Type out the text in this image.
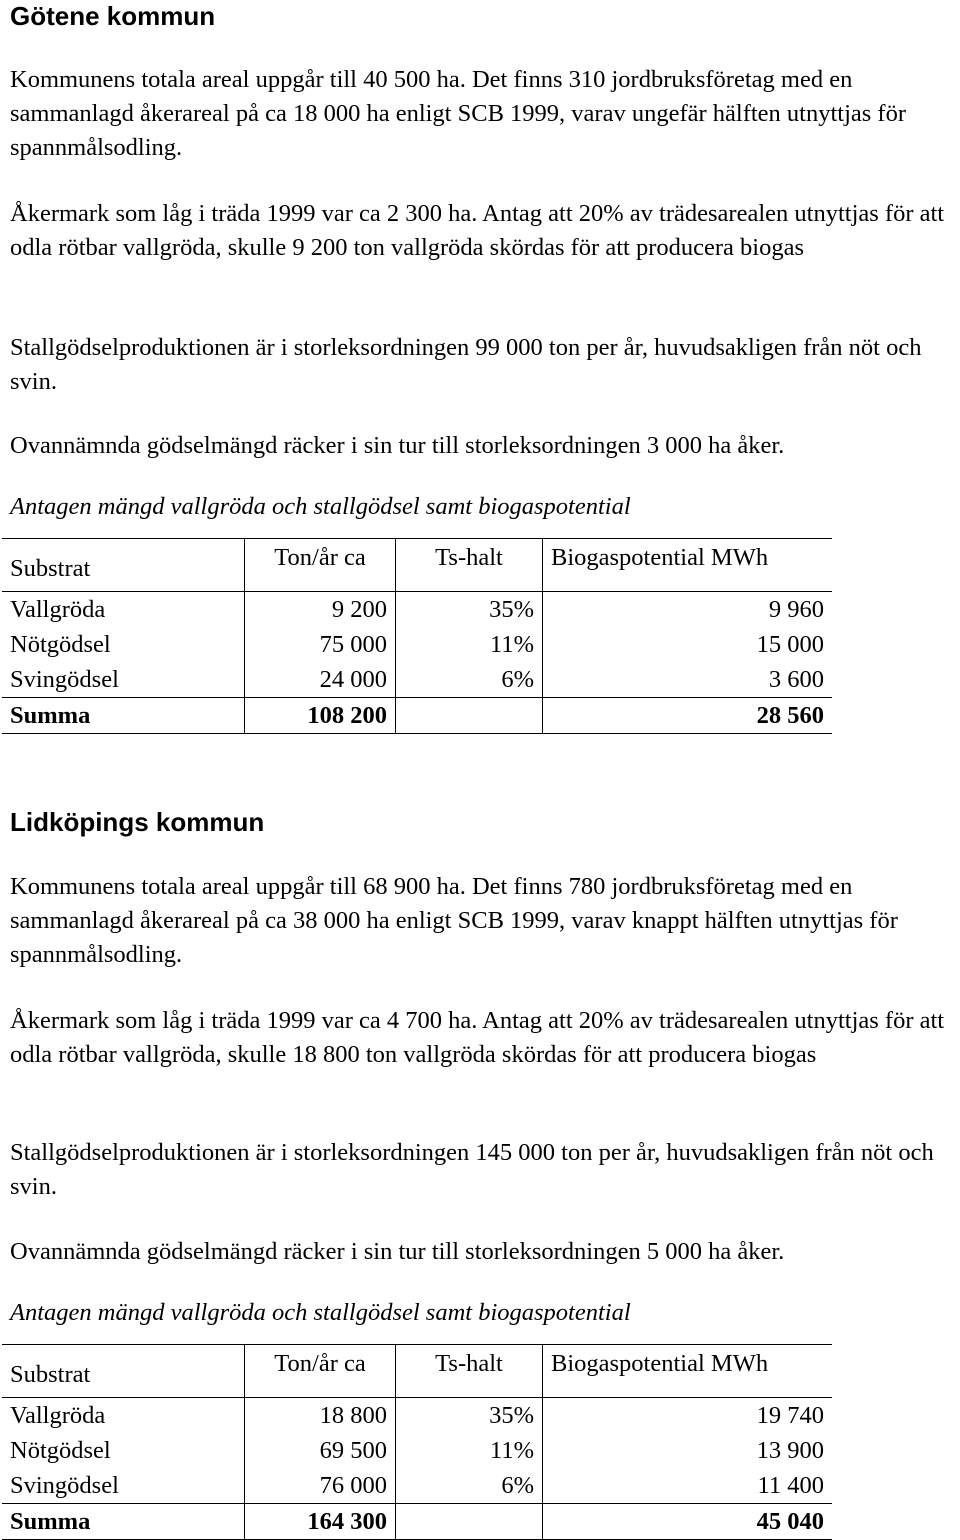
Götene kommun

Kommunens totala areal uppgår till 40 500 ha. Det finns 310 jordbruksföretag med en sammanlagd åkerareal på ca 18 000 ha enligt SCB 1999, varav ungefär hälften utnyttjas för spannmålsodling.

Åkermark som låg i träda 1999 var ca 2 300 ha. Antag att 20% av trädesarealen utnyttjas för att odla rötbar vallgröda, skulle 9 200 ton vallgröda skördas för att producera biogas

Stallgödselproduktionen är i storleksordningen 99 000 ton per år, huvudsakligen från nöt och svin.

Ovannämnda gödselmängd räcker i sin tur till storleksordningen 3 000 ha åker.

Antagen mängd vallgröda och stallgödsel samt biogaspotential

Substrat	Ton/år ca	Ts-halt	Biogaspotential MWh
Vallgröda	9 200	35%	9 960
Nötgödsel	75 000	11%	15 000
Svingödsel	24 000	6%	3 600
Summa	108 200		28 560
Lidköpings kommun

Kommunens totala areal uppgår till 68 900 ha. Det finns 780 jordbruksföretag med en sammanlagd åkerareal på ca 38 000 ha enligt SCB 1999, varav knappt hälften utnyttjas för spannmålsodling.

Åkermark som låg i träda 1999 var ca 4 700 ha. Antag att 20% av trädesarealen utnyttjas för att odla rötbar vallgröda, skulle 18 800 ton vallgröda skördas för att producera biogas

Stallgödselproduktionen är i storleksordningen 145 000 ton per år, huvudsakligen från nöt och svin.

Ovannämnda gödselmängd räcker i sin tur till storleksordningen 5 000 ha åker.

Antagen mängd vallgröda och stallgödsel samt biogaspotential

Substrat	Ton/år ca	Ts-halt	Biogaspotential MWh
Vallgröda	18 800	35%	19 740
Nötgödsel	69 500	11%	13 900
Svingödsel	76 000	6%	11 400
Summa	164 300		45 040
